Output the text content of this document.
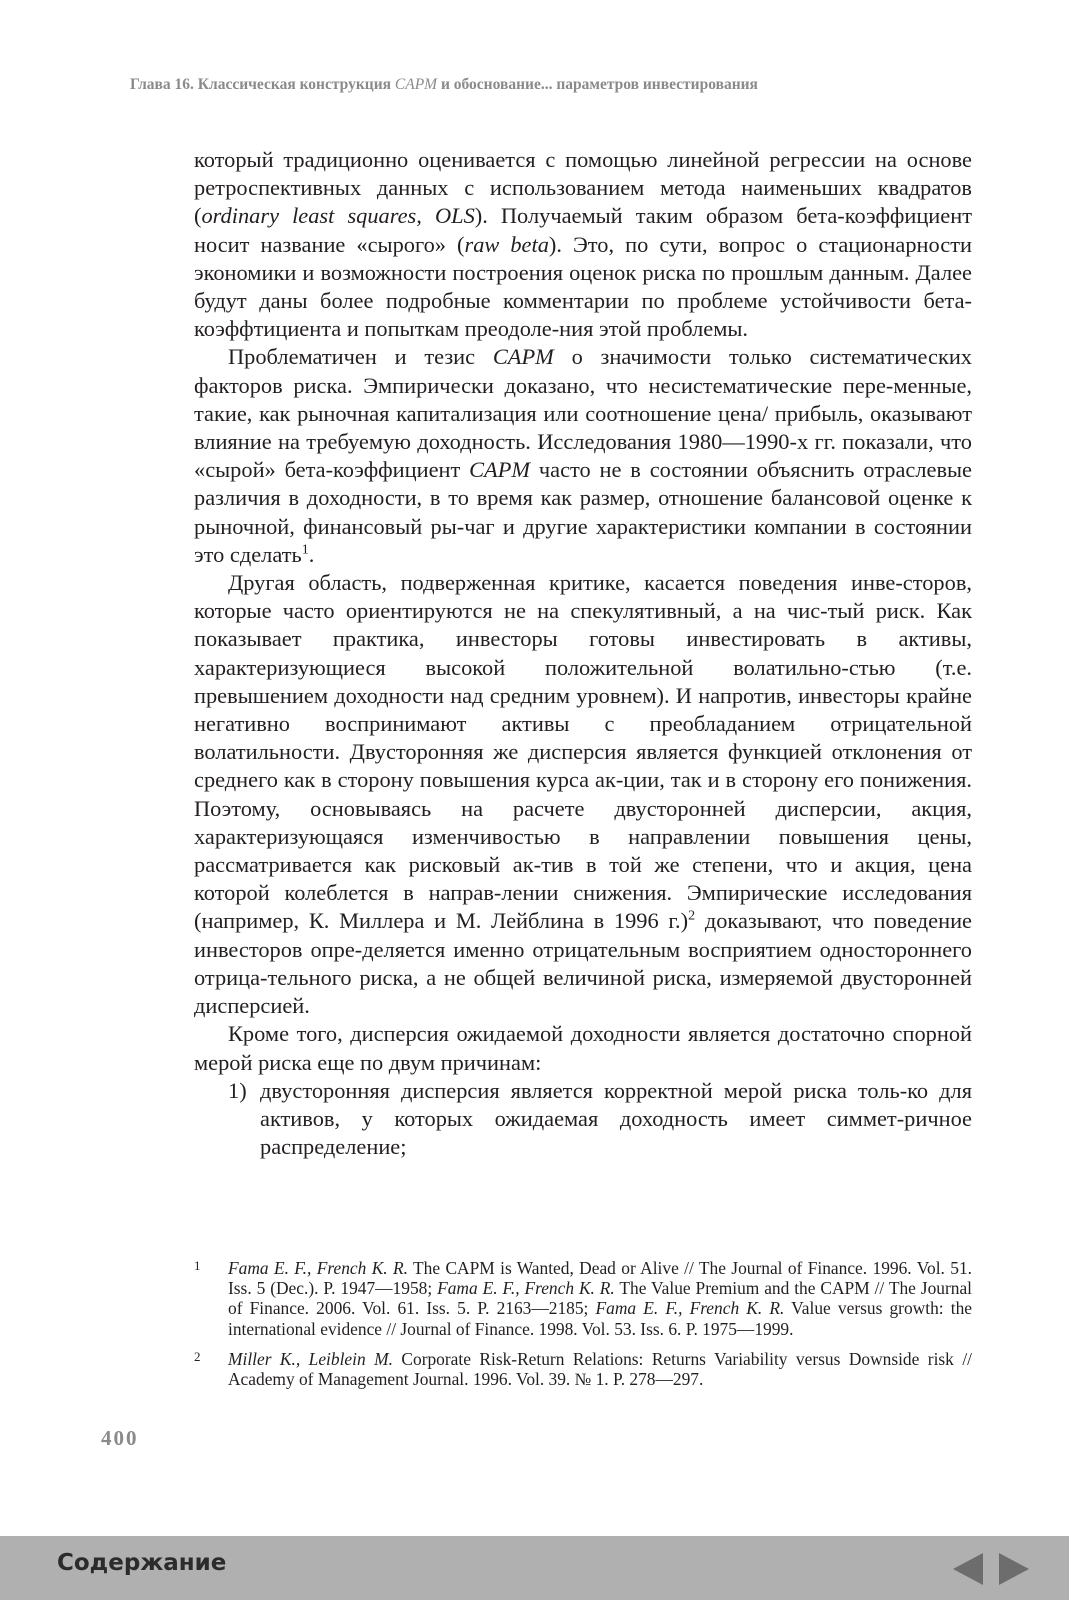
Глава 16. Классическая конструкция CAPM и обоснование... параметров инвестирования

который традиционно оценивается с помощью линейной регрессии на основе ретроспективных данных с использованием метода наименьших квадратов (ordinary least squares, OLS). Получаемый таким образом бета-коэффициент носит название «сырого» (raw beta). Это, по сути, вопрос о стационарности экономики и возможности построения оценок риска по прошлым данным. Далее будут даны более подробные комментарии по проблеме устойчивости бета-коэффтициента и попыткам преодоле-ния этой проблемы.

Проблематичен и тезис CAPM о значимости только систематических факторов риска. Эмпирически доказано, что несистематические пере-менные, такие, как рыночная капитализация или соотношение цена/ прибыль, оказывают влияние на требуемую доходность. Исследования 1980—1990-х гг. показали, что «сырой» бета-коэффициент CAPM часто не в состоянии объяснить отраслевые различия в доходности, в то время как размер, отношение балансовой оценке к рыночной, финансовый ры-чаг и другие характеристики компании в состоянии это сделать$^1$.

Другая область, подверженная критике, касается поведения инве-сторов, которые часто ориентируются не на спекулятивный, а на чис-тый риск. Как показывает практика, инвесторы готовы инвестировать в активы, характеризующиеся высокой положительной волатильно-стью (т.е. превышением доходности над средним уровнем). И напротив, инвесторы крайне негативно воспринимают активы с преобладанием отрицательной волатильности. Двусторонняя же дисперсия является функцией отклонения от среднего как в сторону повышения курса ак-ции, так и в сторону его понижения. Поэтому, основываясь на расчете двусторонней дисперсии, акция, характеризующаяся изменчивостью в направлении повышения цены, рассматривается как рисковый ак-тив в той же степени, что и акция, цена которой колеблется в направ-лении снижения. Эмпирические исследования (например, К. Миллера и М. Лейблина в 1996 г.)$^2$ доказывают, что поведение инвесторов опре-деляется именно отрицательным восприятием одностороннего отрица-тельного риска, а не общей величиной риска, измеряемой двусторонней дисперсией.

Кроме того, дисперсия ожидаемой доходности является достаточно спорной мерой риска еще по двум причинам:

1) двусторонняя дисперсия является корректной мерой риска толь-ко для активов, у которых ожидаемая доходность имеет симмет-ричное распределение;
1	Fama E. F., French K. R. The CAPM is Wanted, Dead or Alive // The Journal of Finance. 1996. Vol. 51. Iss. 5 (Dec.). P. 1947—1958; Fama E. F., French K. R. The Value Premium and the CAPM // The Journal of Finance. 2006. Vol. 61. Iss. 5. P. 2163—2185; Fama E. F., French K. R. Value versus growth: the international evidence // Journal of Finance. 1998. Vol. 53. Iss. 6. P. 1975—1999.
2	Miller K., Leiblein M. Corporate Risk-Return Relations: Returns Variability versus Downside risk // Academy of Management Journal. 1996. Vol. 39. № 1. P. 278—297.
400
Содержание
